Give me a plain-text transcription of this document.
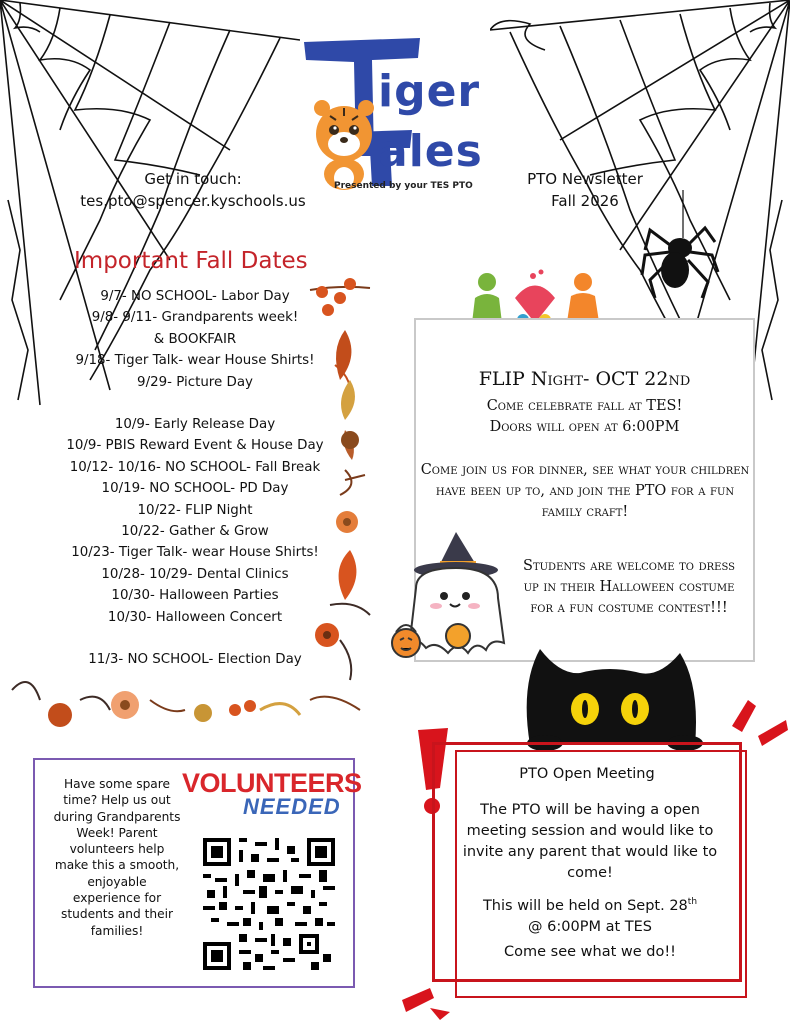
iger
ales
Presented by your TES PTO
Get in touch:
tes.pto@spencer.kyschools.us
PTO Newsletter
Fall 2026
Important Fall Dates
9/7- NO SCHOOL- Labor Day
9/8- 9/11- Grandparents week!
& BOOKFAIR
9/18- Tiger Talk- wear House Shirts!
9/29- Picture Day
10/9- Early Release Day
10/9- PBIS Reward Event & House Day
10/12- 10/16- NO SCHOOL- Fall Break
10/19- NO SCHOOL- PD Day
10/22- FLIP Night
10/22- Gather & Grow
10/23- Tiger Talk- wear House Shirts!
10/28- 10/29- Dental Clinics
10/30- Halloween Parties
10/30- Halloween Concert
11/3- NO SCHOOL- Election Day
FLIP Night- OCT 22nd
Come celebrate fall at TES!
Doors will open at 6:00PM
Come join us for dinner, see what your children have been up to, and join the PTO for a fun family craft!
Students are welcome to dress up in their Halloween costume for a fun costume contest!!!
PTO Open Meeting
The PTO will be having a open meeting session and would like to invite any parent that would like to come!
This will be held on Sept. 28th
@ 6:00PM at TES
Come see what we do!!
Have some spare time? Help us out during Grandparents Week! Parent volunteers help make this a smooth, enjoyable experience for students and their families!
VOLUNTEERS
NEEDED
